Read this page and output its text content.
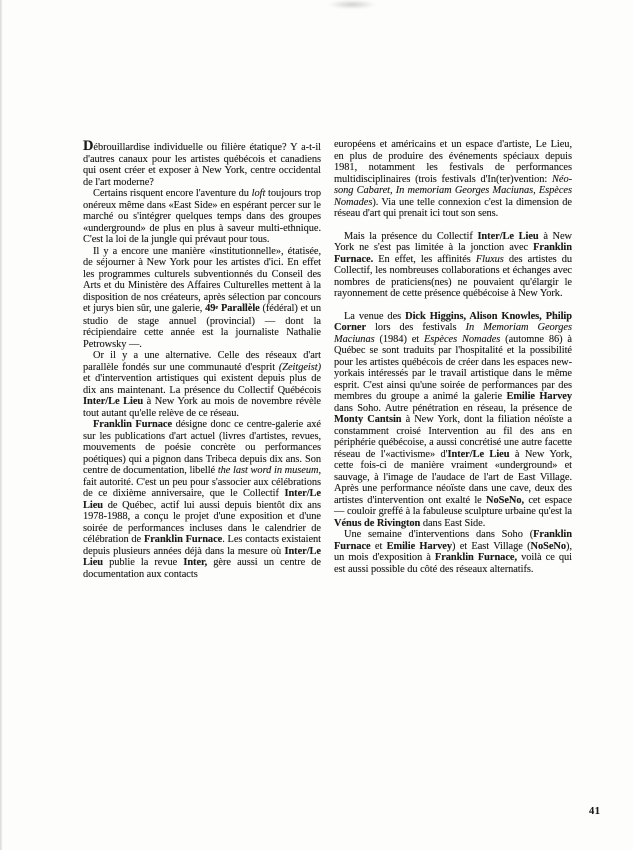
Débrouillardise individuelle ou filière étatique? Y a-t-il d'autres canaux pour les artistes québécois et canadiens qui osent créer et exposer à New York, centre occidental de l'art moderne?

Certains risquent encore l'aventure du loft toujours trop onéreux même dans «East Side» en espérant percer sur le marché ou s'intégrer quelques temps dans des groupes «underground» de plus en plus à saveur multi-ethnique. C'est la loi de la jungle qui prévaut pour tous.

Il y a encore une manière «institutionnelle», étatisée, de séjourner à New York pour les artistes d'ici. En effet les programmes culturels subventionnés du Conseil des Arts et du Ministère des Affaires Culturelles mettent à la disposition de nos créateurs, après sélection par concours et jurys bien sûr, une galerie, 49e Parallèle (fédéral) et un studio de stage annuel (provincial) — dont la récipiendaire cette année est la journaliste Nathalie Petrowsky —.

Or il y a une alternative. Celle des réseaux d'art parallèle fondés sur une communauté d'esprit (Zeitgeist) et d'intervention artistiques qui existent depuis plus de dix ans maintenant. La présence du Collectif Québécois Inter/Le Lieu à New York au mois de novembre révèle tout autant qu'elle relève de ce réseau.

Franklin Furnace désigne donc ce centre-galerie axé sur les publications d'art actuel (livres d'artistes, revues, mouvements de poésie concrète ou performances poétiques) qui a pignon dans Tribeca depuis dix ans. Son centre de documentation, libellé the last word in museum, fait autorité. C'est un peu pour s'associer aux célébrations de ce dixième anniversaire, que le Collectif Inter/Le Lieu de Québec, actif lui aussi depuis bientôt dix ans 1978-1988, a conçu le projet d'une exposition et d'une soirée de performances incluses dans le calendrier de célébration de Franklin Furnace. Les contacts existaient depuis plusieurs années déjà dans la mesure où Inter/Le Lieu publie la revue Inter, gère aussi un centre de documentation aux contacts

européens et américains et un espace d'artiste, Le Lieu, en plus de produire des événements spéciaux depuis 1981, notamment les festivals de performances multidisciplinaires (trois festivals d'In(ter)vention: Néo-song Cabaret, In memoriam Georges Maciunas, Espèces Nomades). Via une telle connexion c'est la dimension de réseau d'art qui prenait ici tout son sens.

Mais la présence du Collectif Inter/Le Lieu à New York ne s'est pas limitée à la jonction avec Franklin Furnace. En effet, les affinités Fluxus des artistes du Collectif, les nombreuses collaborations et échanges avec nombres de praticiens(nes) ne pouvaient qu'élargir le rayonnement de cette présence québécoise à New York.

La venue des Dick Higgins, Alison Knowles, Philip Corner lors des festivals In Memoriam Georges Maciunas (1984) et Espèces Nomades (automne 86) à Québec se sont traduits par l'hospitalité et la possibilité pour les artistes québécois de créer dans les espaces new-yorkais intéressés par le travail artistique dans le même esprit. C'est ainsi qu'une soirée de performances par des membres du groupe a animé la galerie Emilie Harvey dans Soho. Autre pénétration en réseau, la présence de Monty Cantsin à New York, dont la filiation néoïste a constamment croisé Intervention au fil des ans en périphérie québécoise, a aussi concrétisé une autre facette réseau de l'«activisme» d'Inter/Le Lieu à New York, cette fois-ci de manière vraiment «underground» et sauvage, à l'image de l'audace de l'art de East Village. Après une performance néoïste dans une cave, deux des artistes d'intervention ont exalté le NoSeNo, cet espace — couloir greffé à la fabuleuse sculpture urbaine qu'est la Vénus de Rivington dans East Side.

Une semaine d'interventions dans Soho (Franklin Furnace et Emilie Harvey) et East Village (NoSeNo), un mois d'exposition à Franklin Furnace, voilà ce qui est aussi possible du côté des réseaux alternatifs.

41
